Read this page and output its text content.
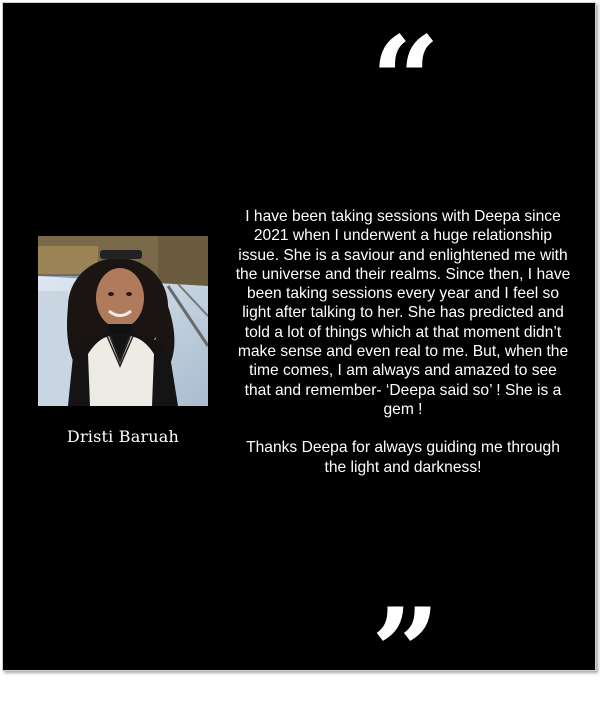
“
Dristi Baruah

I have been taking sessions with Deepa since 2021 when I underwent a huge relationship issue. She is a saviour and enlightened me with the universe and their realms. Since then, I have been taking sessions every year and I feel so light after talking to her. She has predicted and told a lot of things which at that moment didn’t make sense and even real to me. But, when the time comes, I am always and amazed to see that and remember- ‘Deepa said so’ ! She is a gem !

Thanks Deepa for always guiding me through the light and darkness!

”
